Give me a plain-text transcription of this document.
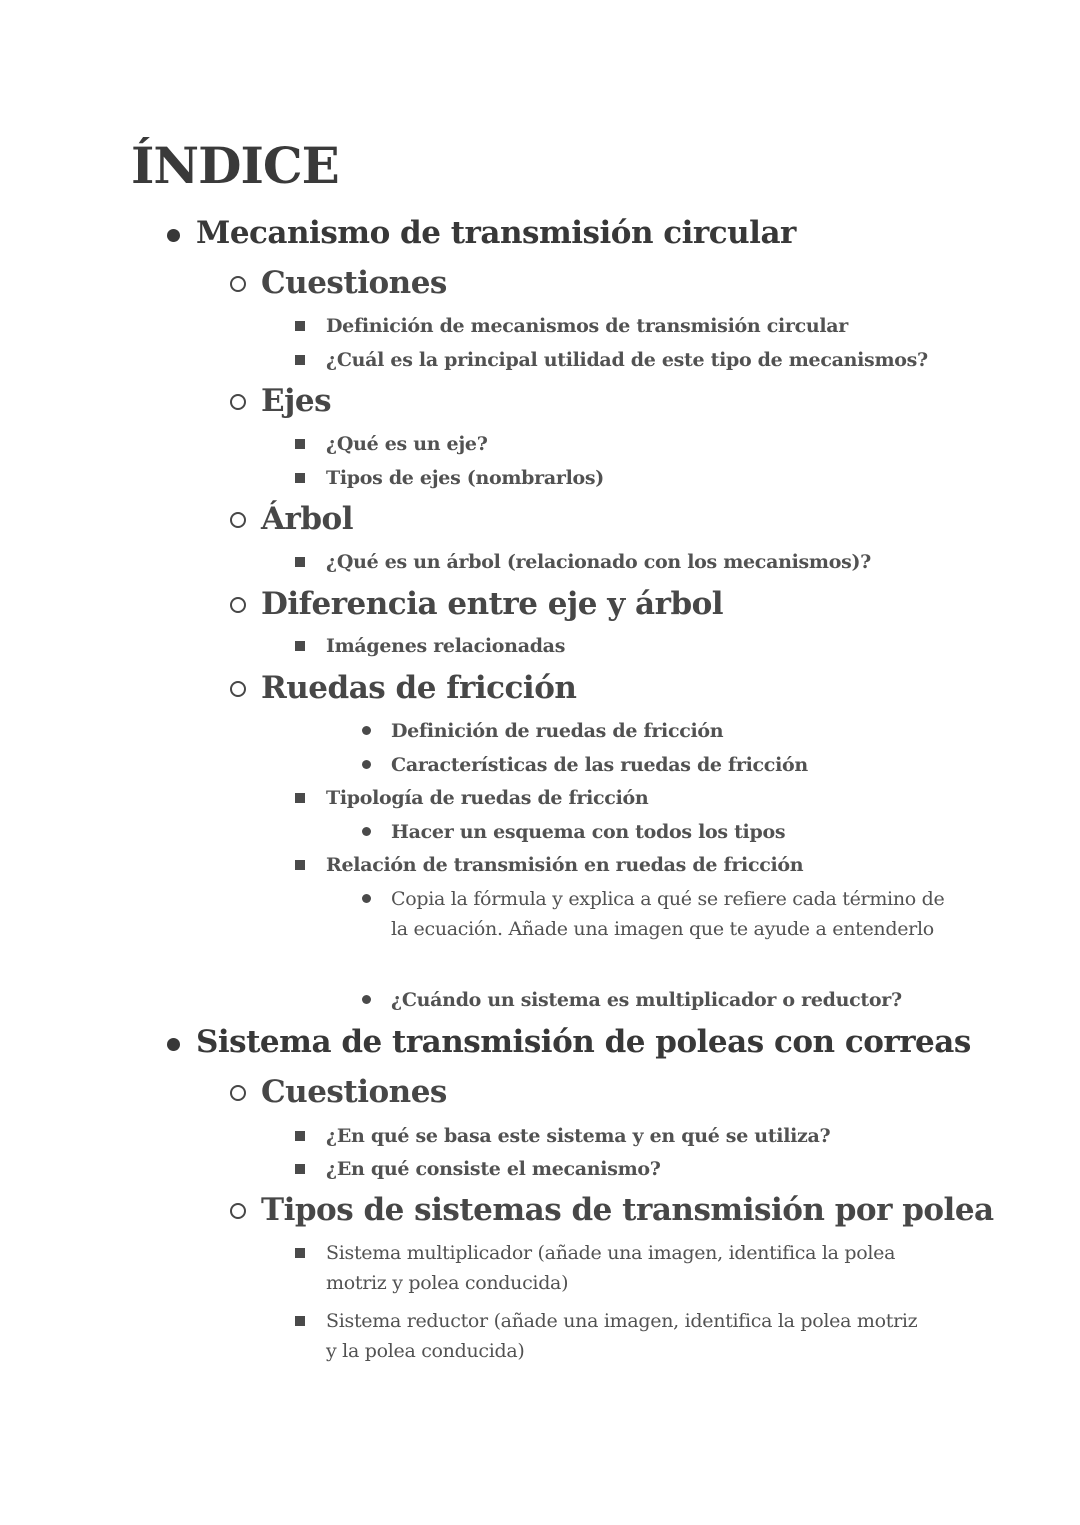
ÍNDICE
Mecanismo de transmisión circular
Cuestiones
Definición de mecanismos de transmisión circular
¿Cuál es la principal utilidad de este tipo de mecanismos?
Ejes
¿Qué es un eje?
Tipos de ejes (nombrarlos)
Árbol
¿Qué es un árbol (relacionado con los mecanismos)?
Diferencia entre eje y árbol
Imágenes relacionadas
Ruedas de fricción
Definición de ruedas de fricción
Características de las ruedas de fricción
Tipología de ruedas de fricción
Hacer un esquema con todos los tipos
Relación de transmisión en ruedas de fricción
Copia la fórmula y explica a qué se refiere cada término de la ecuación. Añade una imagen que te ayude a entenderlo
¿Cuándo un sistema es multiplicador o reductor?
Sistema de transmisión de poleas con correas
Cuestiones
¿En qué se basa este sistema y en qué se utiliza?
¿En qué consiste el mecanismo?
Tipos de sistemas de transmisión por polea
Sistema multiplicador (añade una imagen, identifica la polea motriz y polea conducida)
Sistema reductor (añade una imagen, identifica la polea motriz y la polea conducida)
